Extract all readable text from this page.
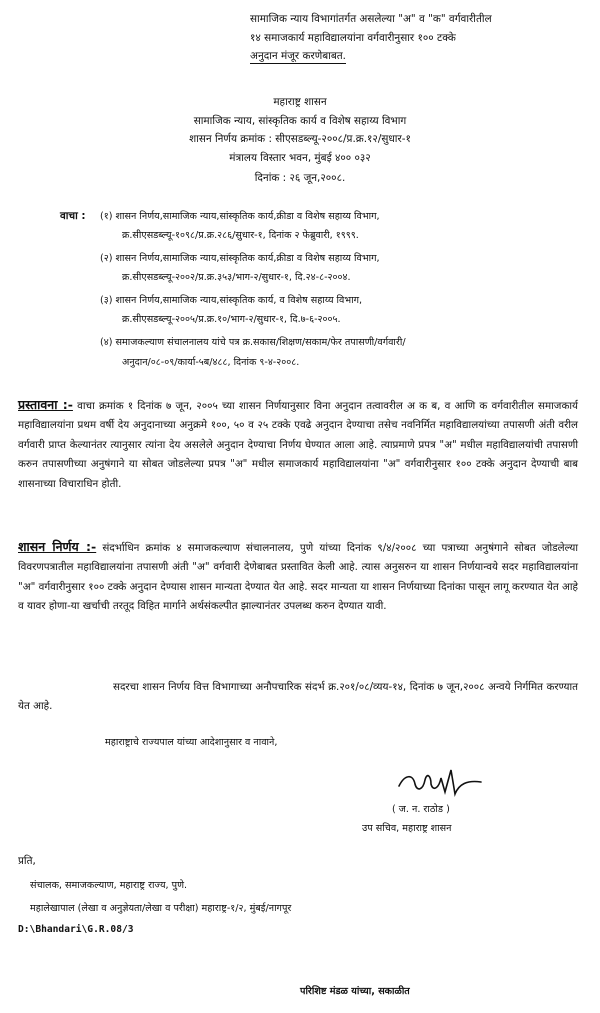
सामाजिक न्याय विभागांतर्गत असलेल्या "अ" व "क" वर्गवारीतील
१४ समाजकार्य महाविद्यालयांना वर्गवारीनुसार १०० टक्के
अनुदान मंजूर करणेबाबत.
महाराष्ट्र शासन
सामाजिक न्याय, सांस्कृतिक कार्य व विशेष सहाय्य विभाग
शासन निर्णय क्रमांक : सीएसडब्ल्यू-२००८/प्र.क्र.१२/सुधार-१
मंत्रालय विस्तार भवन, मुंबई ४०० ०३२
दिनांक : २६ जून,२००८.
वाचा : (१) शासन निर्णय,सामाजिक न्याय,सांस्कृतिक कार्य,क्रीडा व विशेष सहाय्य विभाग,
क्र.सीएसडब्ल्यू-१०९८/प्र.क्र.२८६/सुधार-१, दिनांक २ फेब्रुवारी, १९९९.
(२) शासन निर्णय,सामाजिक न्याय,सांस्कृतिक कार्य,क्रीडा व विशेष सहाय्य विभाग,
क्र.सीएसडब्ल्यू-२००२/प्र.क्र.३५३/भाग-२/सुधार-१, दि.२४-८-२००४.
(३) शासन निर्णय,सामाजिक न्याय,सांस्कृतिक कार्य, व विशेष सहाय्य विभाग,
क्र.सीएसडब्ल्यू-२००५/प्र.क्र.१०/भाग-२/सुधार-१, दि.७-६-२००५.
(४) समाजकल्याण संचालनालय यांचे पत्र क्र.सकास/शिक्षण/सकाम/फेर तपासणी/वर्गवारी/
अनुदान/०८-०९/कार्या-५ब/४८८, दिनांक ९-४-२००८.
प्रस्तावना :- वाचा क्रमांक १ दिनांक ७ जून, २००५ च्या शासन निर्णयानुसार विना अनुदान तत्वावरील अ क ब, व आणि क वर्गवारीतील समाजकार्य महाविद्यालयांना प्रथम वर्षी देय अनुदानाच्या अनुक्रमे १००, ५० व २५ टक्के एवढे अनुदान देण्याचा तसेच नवनिर्मित महाविद्यालयांच्या तपासणी अंती वरील वर्गवारी प्राप्त केल्यानंतर त्यानुसार त्यांना देय असलेले अनुदान देण्याचा निर्णय घेण्यात आला आहे. त्याप्रमाणे प्रपत्र "अ" मधील महाविद्यालयांची तपासणी करुन तपासणीच्या अनुषंगाने या सोबत जोडलेल्या प्रपत्र "अ" मधील समाजकार्य महाविद्यालयांना "अ" वर्गवारीनुसार १०० टक्के अनुदान देण्याची बाब शासनाच्या विचाराधिन होती.
शासन निर्णय :- संदर्भाधिन क्रमांक ४ समाजकल्याण संचालनालय, पुणे यांच्या दिनांक ९/४/२००८ च्या पत्राच्या अनुषंगाने सोबत जोडलेल्या विवरणपत्रातील महाविद्यालयांना तपासणी अंती "अ" वर्गवारी देणेबाबत प्रस्तावित केली आहे. त्यास अनुसरुन या शासन निर्णयान्वये सदर महाविद्यालयांना "अ" वर्गवारीनुसार १०० टक्के अनुदान देण्यास शासन मान्यता देण्यात येत आहे. सदर मान्यता या शासन निर्णयाच्या दिनांका पासून लागू करण्यात येत आहे व यावर होणा-या खर्चाची तरतूद विहित मार्गाने अर्थसंकल्पीत झाल्यानंतर उपलब्ध करुन देण्यात यावी.
सदरचा शासन निर्णय वित्त विभागाच्या अनौपचारिक संदर्भ क्र.२०१/०८/व्यय-१४, दिनांक ७ जून,२००८ अन्वये निर्गमित करण्यात येत आहे.
महाराष्ट्राचे राज्यपाल यांच्या आदेशानुसार व नावाने,
( ज. न. राठोड )
उप सचिव, महाराष्ट्र शासन
प्रति,
संचालक, समाजकल्याण, महाराष्ट्र राज्य, पुणे.
महालेखापाल (लेखा व अनुज्ञेयता/लेखा व परीक्षा) महाराष्ट्र-१/२, मुंबई/नागपूर
D:\Bhandari\G.R.08/3
परिशिष्ट मंडळ यांच्या, सकाळीत
